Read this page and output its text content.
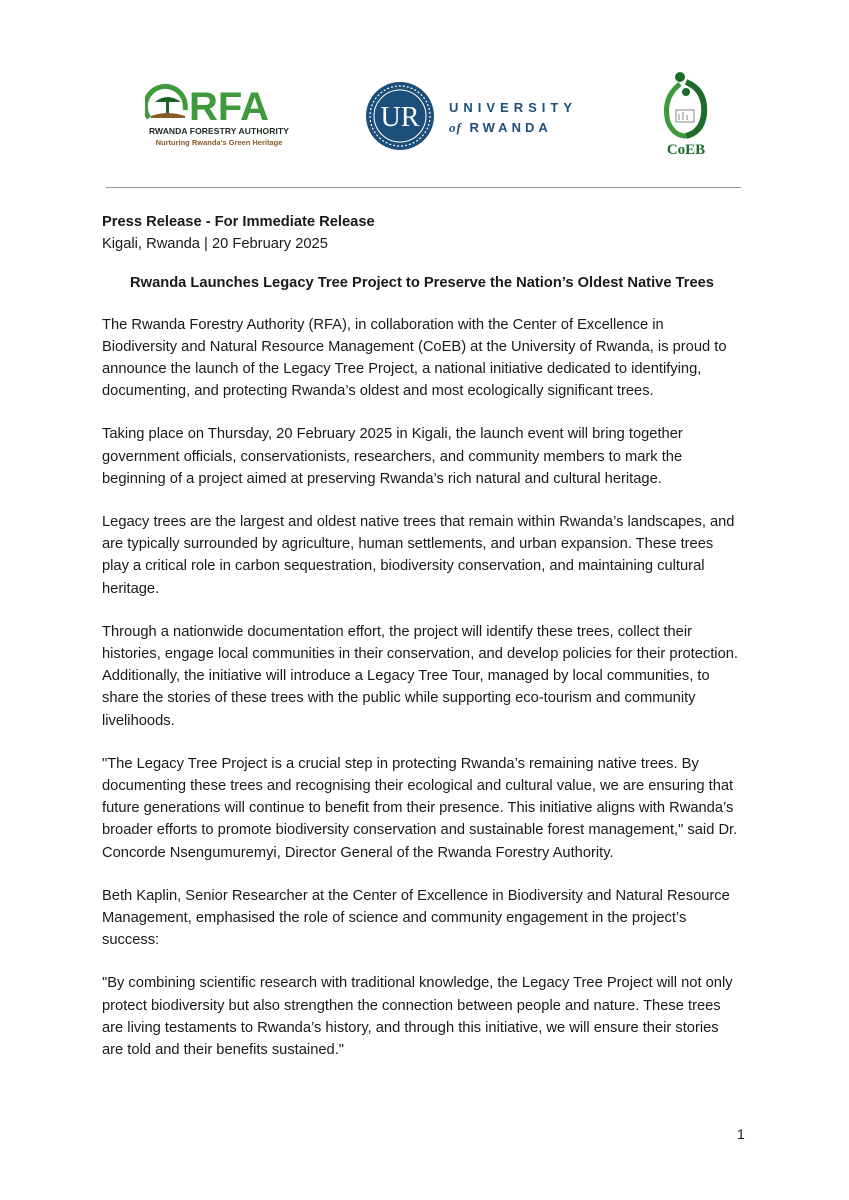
RFA
RWANDA FORESTRY AUTHORITY
Nurturing Rwanda's Green Heritage
UR UNIVERSITY
of RWANDA
CoEB
Press Release - For Immediate Release
Kigali, Rwanda | 20 February 2025
Rwanda Launches Legacy Tree Project to Preserve the Nation’s Oldest Native Trees

The Rwanda Forestry Authority (RFA), in collaboration with the Center of Excellence in Biodiversity and Natural Resource Management (CoEB) at the University of Rwanda, is proud to announce the launch of the Legacy Tree Project, a national initiative dedicated to identifying, documenting, and protecting Rwanda’s oldest and most ecologically significant trees.

Taking place on Thursday, 20 February 2025 in Kigali, the launch event will bring together government officials, conservationists, researchers, and community members to mark the beginning of a project aimed at preserving Rwanda’s rich natural and cultural heritage.

Legacy trees are the largest and oldest native trees that remain within Rwanda’s landscapes, and are typically surrounded by agriculture, human settlements, and urban expansion. These trees play a critical role in carbon sequestration, biodiversity conservation, and maintaining cultural heritage.

Through a nationwide documentation effort, the project will identify these trees, collect their histories, engage local communities in their conservation, and develop policies for their protection. Additionally, the initiative will introduce a Legacy Tree Tour, managed by local communities, to share the stories of these trees with the public while supporting eco-tourism and community livelihoods.

"The Legacy Tree Project is a crucial step in protecting Rwanda’s remaining native trees. By documenting these trees and recognising their ecological and cultural value, we are ensuring that future generations will continue to benefit from their presence. This initiative aligns with Rwanda’s broader efforts to promote biodiversity conservation and sustainable forest management," said Dr. Concorde Nsengumuremyi, Director General of the Rwanda Forestry Authority.

Beth Kaplin, Senior Researcher at the Center of Excellence in Biodiversity and Natural Resource Management, emphasised the role of science and community engagement in the project’s success:

"By combining scientific research with traditional knowledge, the Legacy Tree Project will not only protect biodiversity but also strengthen the connection between people and nature. These trees are living testaments to Rwanda’s history, and through this initiative, we will ensure their stories are told and their benefits sustained."

1
